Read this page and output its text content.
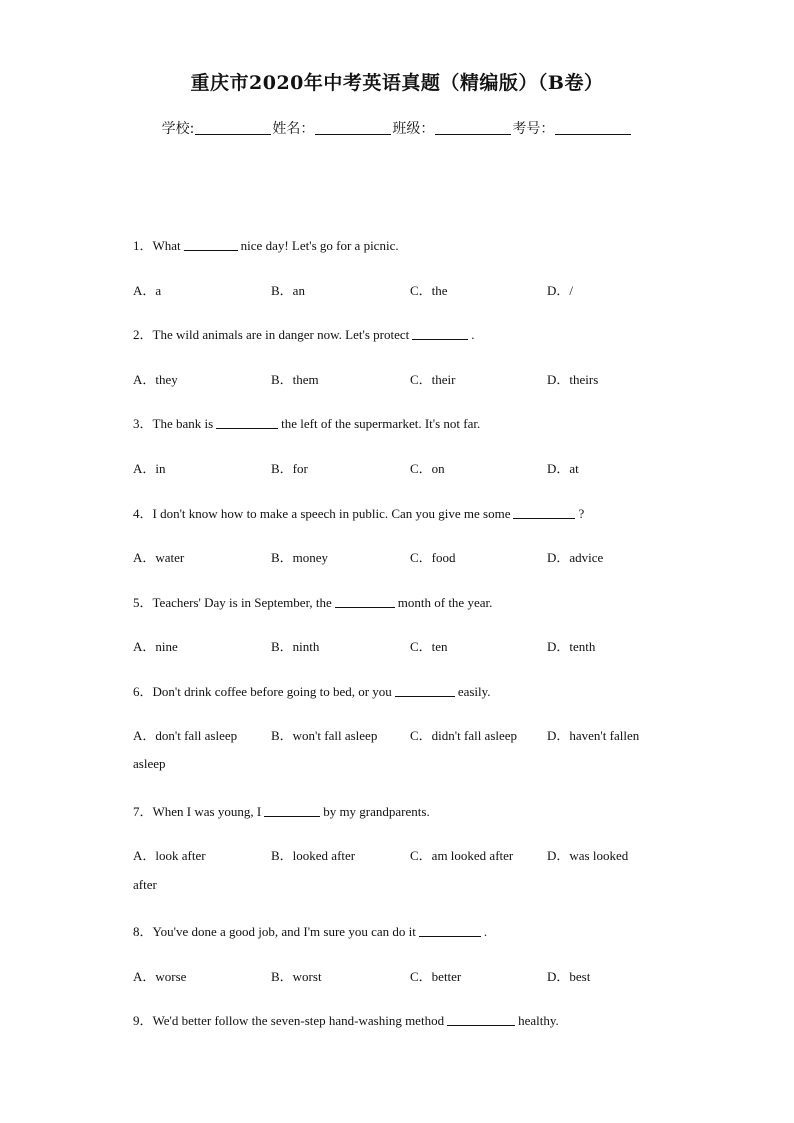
重庆市2020年中考英语真题（精编版）（B卷）
学校:	姓名：	班级：	考号：
1．What	nice day! Let's go for a picnic.
A．a	B．an	C．the	D．/
2．The wild animals are in danger now. Let's protect	.
A．they	B．them	C．their	D．theirs
3．The bank is	the left of the supermarket. It's not far.
A．in	B．for	C．on	D．at
4．I don't know how to make a speech in public. Can you give me some	?
A．water	B．money	C．food	D．advice
5．Teachers' Day is in September, the	month of the year.
A．nine	B．ninth	C．ten	D．tenth
6．Don't drink coffee before going to bed, or you	easily.
A．don't fall asleep	B．won't fall asleep	C．didn't fall asleep D．haven't fallen
asleep
7．When I was young, I	by my grandparents.
A．look after	B．looked after	C．am looked after	D．was looked
after
8．You've done a good job, and I'm sure you can do it	.
A．worse	B．worst	C．better	D．best
9．We'd better follow the seven-step hand-washing method	healthy.
